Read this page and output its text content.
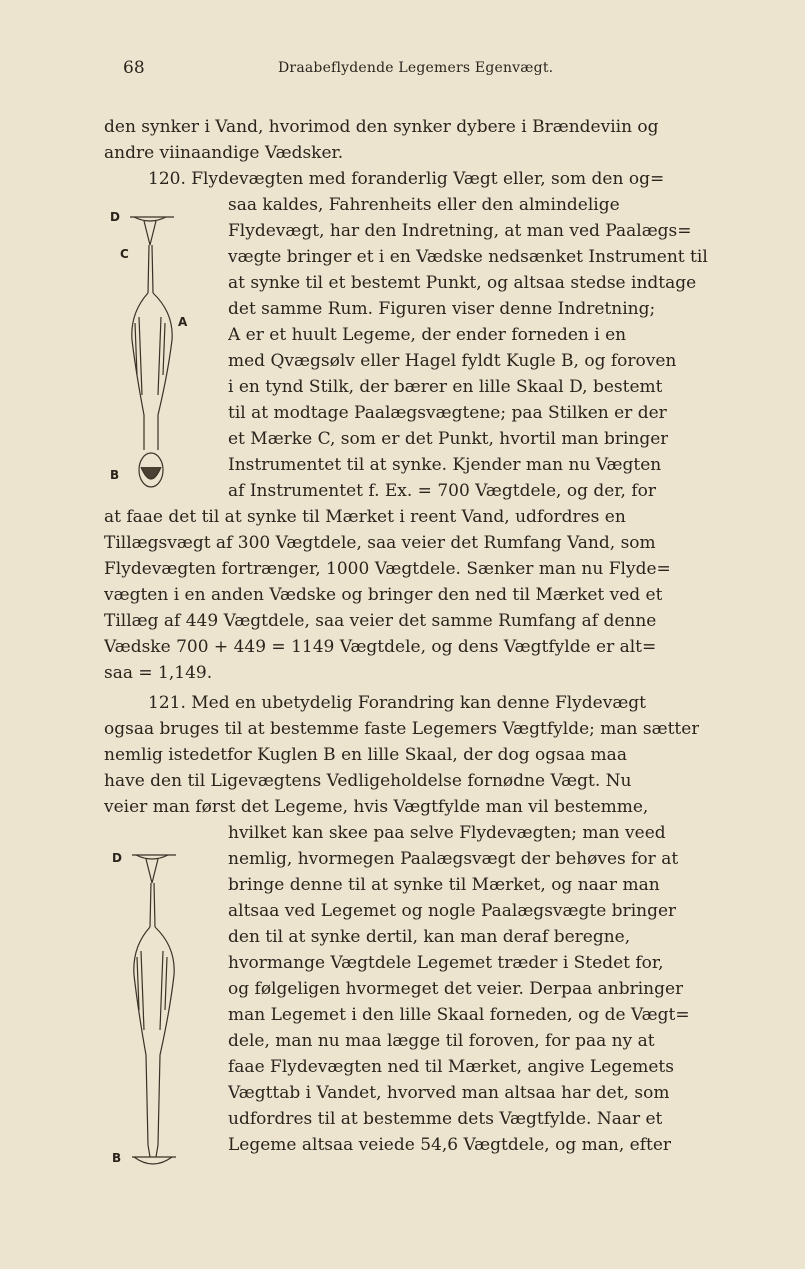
68	Draabeflydende Legemers Egenvægt.
D
C
A
B
D
B
den synker i Vand, hvorimod den synker dybere i Brændeviin og
andre viinaandige Vædsker.
120. Flydevægten med foranderlig Vægt eller, som den og=
saa kaldes, Fahrenheits eller den almindelige
Flydevægt, har den Indretning, at man ved Paalægs=
vægte bringer et i en Vædske nedsænket Instrument til
at synke til et bestemt Punkt, og altsaa stedse indtage
det samme Rum. Figuren viser denne Indretning;
A er et huult Legeme, der ender forneden i en
med Qvægsølv eller Hagel fyldt Kugle B, og foroven
i en tynd Stilk, der bærer en lille Skaal D, bestemt
til at modtage Paalægsvægtene; paa Stilken er der
et Mærke C, som er det Punkt, hvortil man bringer
Instrumentet til at synke. Kjender man nu Vægten
af Instrumentet f. Ex. = 700 Vægtdele, og der, for
at faae det til at synke til Mærket i reent Vand, udfordres en
Tillægsvægt af 300 Vægtdele, saa veier det Rumfang Vand, som
Flydevægten fortrænger, 1000 Vægtdele. Sænker man nu Flyde=
vægten i en anden Vædske og bringer den ned til Mærket ved et
Tillæg af 449 Vægtdele, saa veier det samme Rumfang af denne
Vædske 700 + 449 = 1149 Vægtdele, og dens Vægtfylde er alt=
saa = 1,149.
121. Med en ubetydelig Forandring kan denne Flydevægt
ogsaa bruges til at bestemme faste Legemers Vægtfylde; man sætter
nemlig istedetfor Kuglen B en lille Skaal, der dog ogsaa maa
have den til Ligevægtens Vedligeholdelse fornødne Vægt. Nu
veier man først det Legeme, hvis Vægtfylde man vil bestemme,
hvilket kan skee paa selve Flydevægten; man veed
nemlig, hvormegen Paalægsvægt der behøves for at
bringe denne til at synke til Mærket, og naar man
altsaa ved Legemet og nogle Paalægsvægte bringer
den til at synke dertil, kan man deraf beregne,
hvormange Vægtdele Legemet træder i Stedet for,
og følgeligen hvormeget det veier. Derpaa anbringer
man Legemet i den lille Skaal forneden, og de Vægt=
dele, man nu maa lægge til foroven, for paa ny at
faae Flydevægten ned til Mærket, angive Legemets
Vægttab i Vandet, hvorved man altsaa har det, som
udfordres til at bestemme dets Vægtfylde. Naar et
Legeme altsaa veiede 54,6 Vægtdele, og man, efter
